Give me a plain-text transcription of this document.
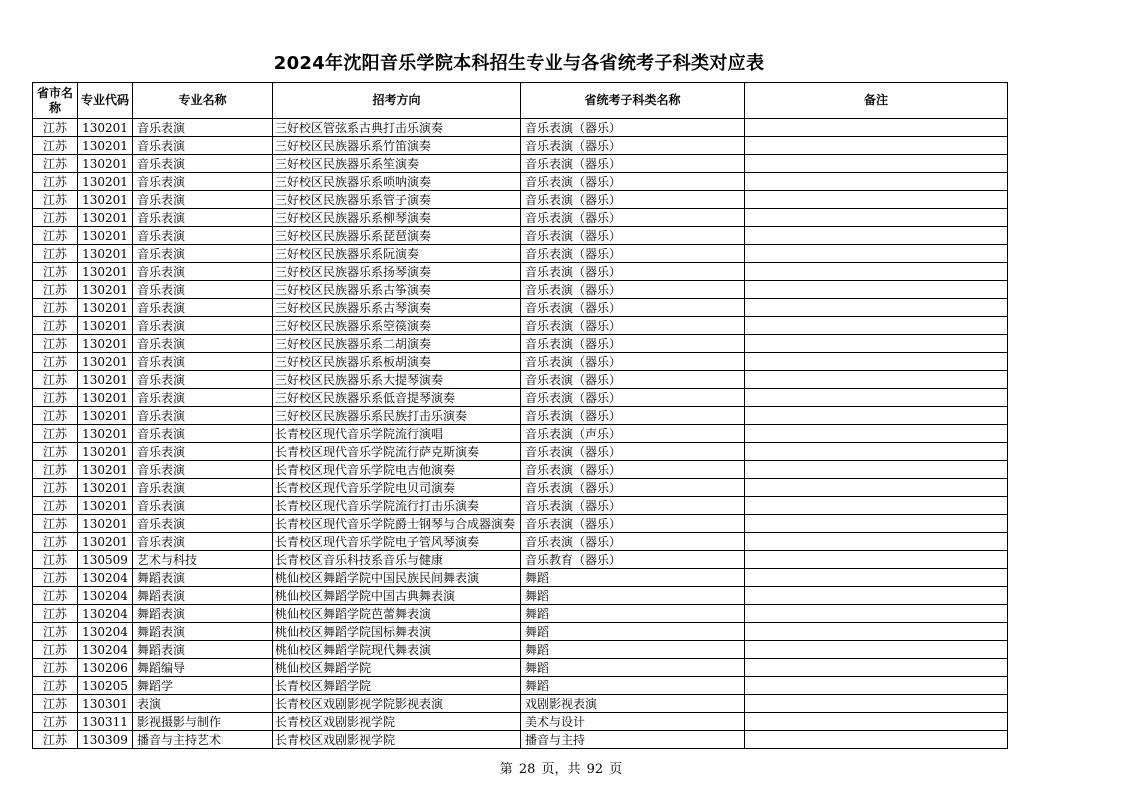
2024年沈阳音乐学院本科招生专业与各省统考子科类对应表
省市名称	专业代码	专业名称	招考方向	省统考子科类名称	备注
江苏	130201	音乐表演	三好校区管弦系古典打击乐演奏	音乐表演（器乐）	
江苏	130201	音乐表演	三好校区民族器乐系竹笛演奏	音乐表演（器乐）	
江苏	130201	音乐表演	三好校区民族器乐系笙演奏	音乐表演（器乐）	
江苏	130201	音乐表演	三好校区民族器乐系唢呐演奏	音乐表演（器乐）	
江苏	130201	音乐表演	三好校区民族器乐系管子演奏	音乐表演（器乐）	
江苏	130201	音乐表演	三好校区民族器乐系柳琴演奏	音乐表演（器乐）	
江苏	130201	音乐表演	三好校区民族器乐系琵琶演奏	音乐表演（器乐）	
江苏	130201	音乐表演	三好校区民族器乐系阮演奏	音乐表演（器乐）	
江苏	130201	音乐表演	三好校区民族器乐系扬琴演奏	音乐表演（器乐）	
江苏	130201	音乐表演	三好校区民族器乐系古筝演奏	音乐表演（器乐）	
江苏	130201	音乐表演	三好校区民族器乐系古琴演奏	音乐表演（器乐）	
江苏	130201	音乐表演	三好校区民族器乐系箜篌演奏	音乐表演（器乐）	
江苏	130201	音乐表演	三好校区民族器乐系二胡演奏	音乐表演（器乐）	
江苏	130201	音乐表演	三好校区民族器乐系板胡演奏	音乐表演（器乐）	
江苏	130201	音乐表演	三好校区民族器乐系大提琴演奏	音乐表演（器乐）	
江苏	130201	音乐表演	三好校区民族器乐系低音提琴演奏	音乐表演（器乐）	
江苏	130201	音乐表演	三好校区民族器乐系民族打击乐演奏	音乐表演（器乐）	
江苏	130201	音乐表演	长青校区现代音乐学院流行演唱	音乐表演（声乐）	
江苏	130201	音乐表演	长青校区现代音乐学院流行萨克斯演奏	音乐表演（器乐）	
江苏	130201	音乐表演	长青校区现代音乐学院电吉他演奏	音乐表演（器乐）	
江苏	130201	音乐表演	长青校区现代音乐学院电贝司演奏	音乐表演（器乐）	
江苏	130201	音乐表演	长青校区现代音乐学院流行打击乐演奏	音乐表演（器乐）	
江苏	130201	音乐表演	长青校区现代音乐学院爵士钢琴与合成器演奏	音乐表演（器乐）	
江苏	130201	音乐表演	长青校区现代音乐学院电子管风琴演奏	音乐表演（器乐）	
江苏	130509	艺术与科技	长青校区音乐科技系音乐与健康	音乐教育（器乐）	
江苏	130204	舞蹈表演	桃仙校区舞蹈学院中国民族民间舞表演	舞蹈	
江苏	130204	舞蹈表演	桃仙校区舞蹈学院中国古典舞表演	舞蹈	
江苏	130204	舞蹈表演	桃仙校区舞蹈学院芭蕾舞表演	舞蹈	
江苏	130204	舞蹈表演	桃仙校区舞蹈学院国标舞表演	舞蹈	
江苏	130204	舞蹈表演	桃仙校区舞蹈学院现代舞表演	舞蹈	
江苏	130206	舞蹈编导	桃仙校区舞蹈学院	舞蹈	
江苏	130205	舞蹈学	长青校区舞蹈学院	舞蹈	
江苏	130301	表演	长青校区戏剧影视学院影视表演	戏剧影视表演	
江苏	130311	影视摄影与制作	长青校区戏剧影视学院	美术与设计	
江苏	130309	播音与主持艺术	长青校区戏剧影视学院	播音与主持	
第 28 页，共 92 页
